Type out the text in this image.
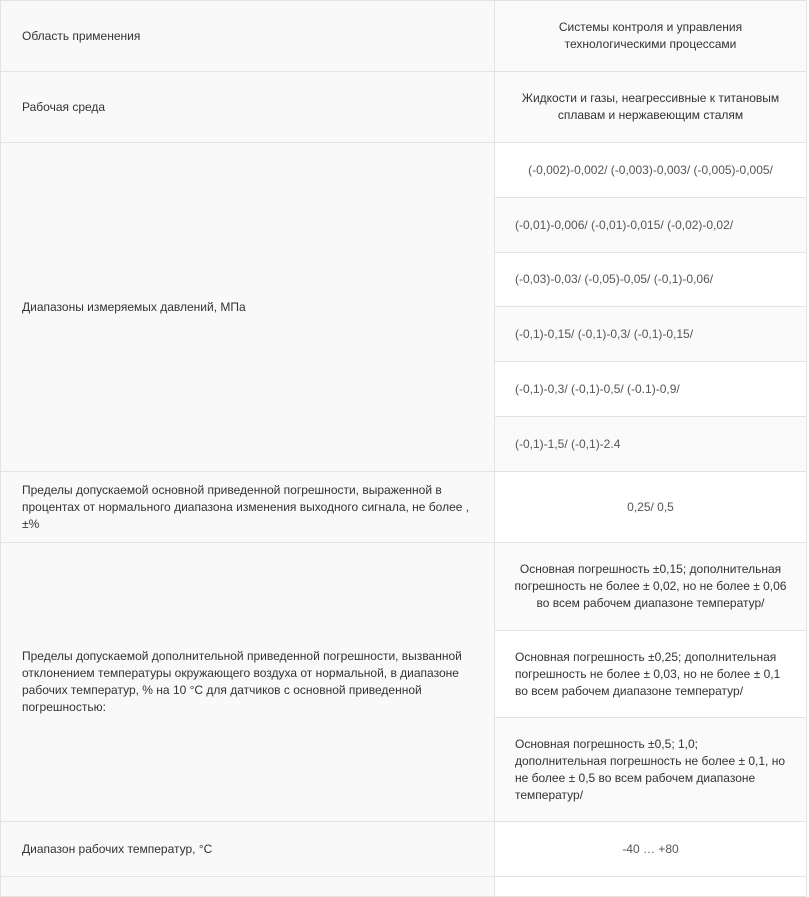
Область применения	Системы контроля и управления технологическими процессами
Рабочая среда	Жидкости и газы, неагрессивные к титановым сплавам и нержавеющим сталям
Диапазоны измеряемых давлений, МПа	(-0,002)-0,002/ (-0,003)-0,003/ (-0,005)-0,005/
	(-0,01)-0,006/ (-0,01)-0,015/ (-0,02)-0,02/
	(-0,03)-0,03/ (-0,05)-0,05/ (-0,1)-0,06/
	(-0,1)-0,15/ (-0,1)-0,3/ (-0,1)-0,15/
	(-0,1)-0,3/ (-0,1)-0,5/ (-0.1)-0,9/
	(-0,1)-1,5/ (-0,1)-2.4
Пределы допускаемой основной приведенной погрешности, выраженной в процентах от нормального диапазона изменения выходного сигнала, не более , ±%	0,25/ 0,5
Пределы допускаемой дополнительной приведенной погрешности, вызванной отклонением температуры окружающего воздуха от нормальной, в диапазоне рабочих температур, % на 10 °С для датчиков с основной приведенной погрешностью:	Основная погрешность ±0,15; дополнительная погрешность не более ± 0,02, но не более ± 0,06 во всем рабочем диапазоне температур/
	Основная погрешность ±0,25; дополнительная погрешность не более ± 0,03, но не более ± 0,1 во всем рабочем диапазоне температур/
	Основная погрешность ±0,5; 1,0; дополнительная погрешность не более ± 0,1, но не более ± 0,5 во всем рабочем диапазоне температур/
Диапазон рабочих температур, °С	-40 … +80
